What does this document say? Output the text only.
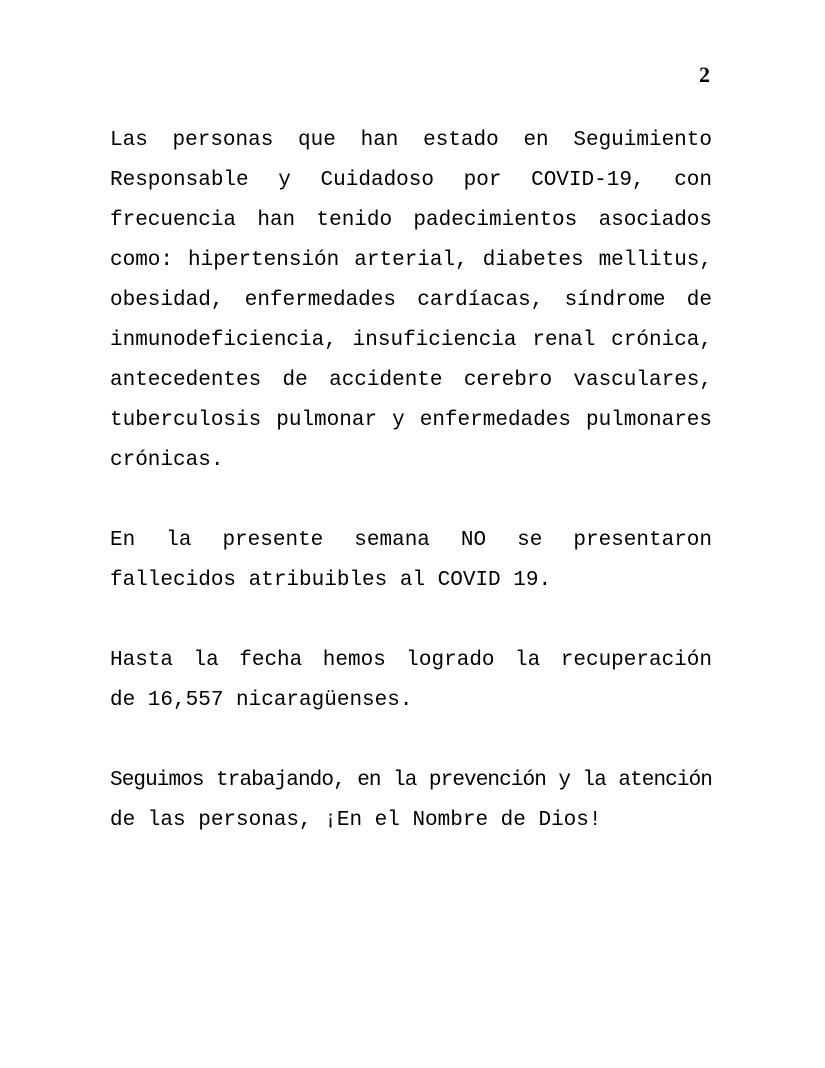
2
Las personas que han estado en Seguimiento
Responsable y Cuidadoso por COVID-19, con
frecuencia han tenido padecimientos asociados
como: hipertensión arterial, diabetes mellitus,
obesidad, enfermedades cardíacas, síndrome de
inmunodeficiencia, insuficiencia renal crónica,
antecedentes de accidente cerebro vasculares,
tuberculosis pulmonar y enfermedades pulmonares
crónicas.
En la presente semana NO se presentaron
fallecidos atribuibles al COVID 19.
Hasta la fecha hemos logrado la recuperación
de 16,557 nicaragüenses.
Seguimos trabajando, en la prevención y la atención
de las personas, ¡En el Nombre de Dios!
